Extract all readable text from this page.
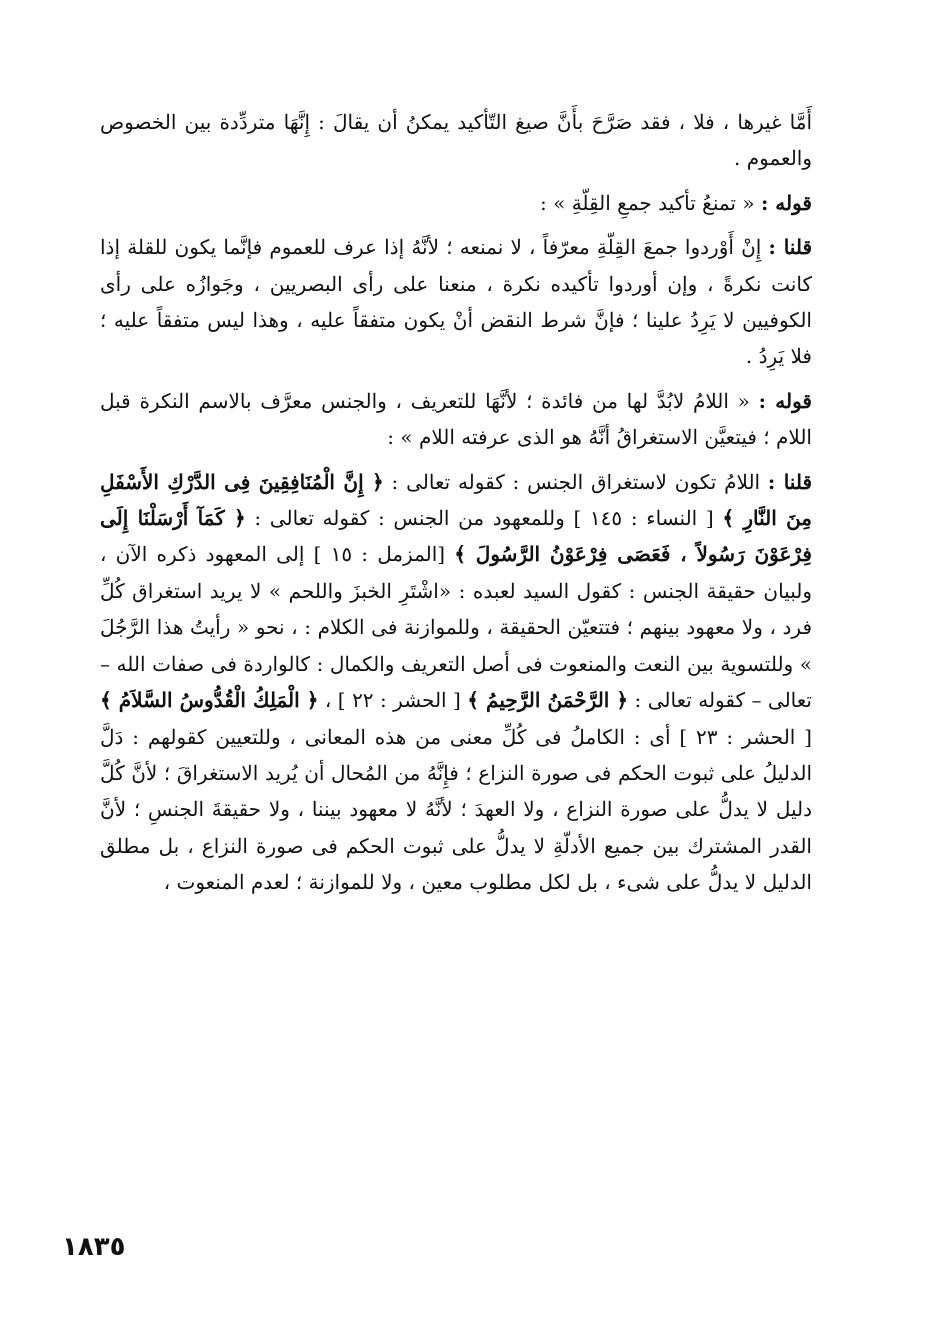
أَمَّا غيرها ، فلا ، فقد صَرَّحَ بأَنَّ صيغ التّأكيد يمكنُ أن يقالَ : إِنَّهَا متردِّدة بين الخصوص والعموم .

قوله : « تمنعُ تأكيد جمعِ القِلّةِ » :

قلنا : إِنْ أَوْردوا جمعَ القِلّةِ معرّفاً ، لا نمنعه ؛ لأنَّهُ إذا عرف للعموم فإنَّما يكون للقلة إذا كانت نكرةً ، وإن أوردوا تأكيده نكرة ، منعنا على رأى البصريين ، وجَوازُه على رأى الكوفيين لا يَرِدُ علينا ؛ فإنَّ شرط النقض أنْ يكون متفقاً عليه ، وهذا ليس متفقاً عليه ؛ فلا يَرِدُ .

قوله : « اللامُ لابُدَّ لها من فائدة ؛ لأنَّهَا للتعريف ، والجنس معرَّف بالاسم النكرة قبل اللام ؛ فيتعيَّن الاستغراقُ أنَّهُ هو الذى عرفته اللام » :

قلنا : اللامُ تكون لاستغراق الجنس : كقوله تعالى : ﴿ إِنَّ الْمُنَافِقِينَ فِى الدَّرْكِ الأَسْفَلِ مِنَ النَّارِ ﴾ [ النساء : ١٤٥ ] وللمعهود من الجنس : كقوله تعالى : ﴿ كَمَآ أَرْسَلْنَا إِلَى فِرْعَوْنَ رَسُولاً ، فَعَصَى فِرْعَوْنُ الرَّسُولَ ﴾ [المزمل : ١٥ ] إلى المعهود ذكره الآن ، ولبيان حقيقة الجنس : كقول السيد لعبده : «اشْتَرِ الخبزَ واللحم » لا يريد استغراق كُلِّ فرد ، ولا معهود بينهم ؛ فتتعيّن الحقيقة ، وللموازنة فى الكلام : ، نحو « رأيتُ هذا الرَّجُلَ » وللتسوية بين النعت والمنعوت فى أصل التعريف والكمال : كالواردة فى صفات الله – تعالى – كقوله تعالى : ﴿ الرَّحْمَنُ الرَّحِيمُ ﴾ [ الحشر : ٢٢ ] ، ﴿ الْمَلِكُ الْقُدُّوسُ السَّلاَمُ ﴾ [ الحشر : ٢٣ ] أى : الكاملُ فى كُلِّ معنى من هذه المعانى ، وللتعيين كقولهم : دَلَّ الدليلُ على ثبوت الحكم فى صورة النزاع ؛ فإِنَّهُ من المُحال أن يُريد الاستغراقَ ؛ لأنَّ كُلَّ دليل لا يدلُّ على صورة النزاع ، ولا العهدَ ؛ لأنَّهُ لا معهود بيننا ، ولا حقيقةَ الجنسِ ؛ لأنَّ القدر المشترك بين جميع الأدلّةِ لا يدلُّ على ثبوت الحكم فى صورة النزاع ، بل مطلق الدليل لا يدلُّ على شىء ، بل لكل مطلوب معين ، ولا للموازنة ؛ لعدم المنعوت ،

١٨٣٥
